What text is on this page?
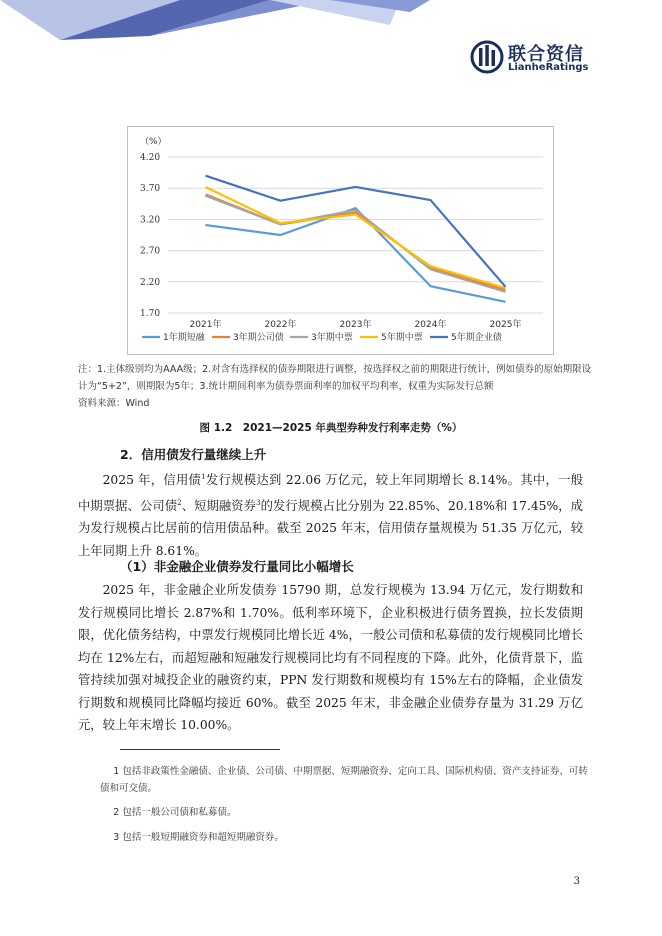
联合资信
LianheRatings
（%）
4.20
3.70
3.20
2.70
2.20
1.70
2021年	2022年	2023年	2024年	2025年
1年期短融	3年期公司债	3年期中票	5年期中票	5年期企业债

注：1.主体级别均为AAA级；2.对含有选择权的债券期限进行调整，按选择权之前的期限进行统计，例如债券的原始期限设计为“5+2”，则期限为5年；3.统计期间利率为债券票面利率的加权平均利率，权重为实际发行总额

资料来源：Wind

图 1.2　2021—2025 年典型券种发行利率走势（%）
2．信用债发行量继续上升

2025 年，信用债$^1$发行规模达到 22.06 万亿元，较上年同期增长 8.14%。其中，一般中期票据、公司债$^2$、短期融资券$^3$的发行规模占比分别为 22.85%、20.18%和 17.45%，成为发行规模占比居前的信用债品种。截至 2025 年末，信用债存量规模为 51.35 万亿元，较上年同期上升 8.61%。

（1）非金融企业债券发行量同比小幅增长

2025 年，非金融企业所发债券 15790 期，总发行规模为 13.94 万亿元，发行期数和发行规模同比增长 2.87%和 1.70%。低利率环境下，企业积极进行债务置换，拉长发债期限，优化债务结构，中票发行规模同比增长近 4%，一般公司债和私募债的发行规模同比增长均在 12%左右，而超短融和短融发行规模同比均有不同程度的下降。此外，化债背景下，监管持续加强对城投企业的融资约束，PPN 发行期数和规模均有 15%左右的降幅，企业债发行期数和规模同比降幅均接近 60%。截至 2025 年末，非金融企业债券存量为 31.29 万亿元，较上年末增长 10.00%。

1 包括非政策性金融债、企业债、公司债、中期票据、短期融资券、定向工具、国际机构债、资产支持证券、可转债和可交债。

2 包括一般公司债和私募债。

3 包括一般短期融资券和超短期融资券。

3
